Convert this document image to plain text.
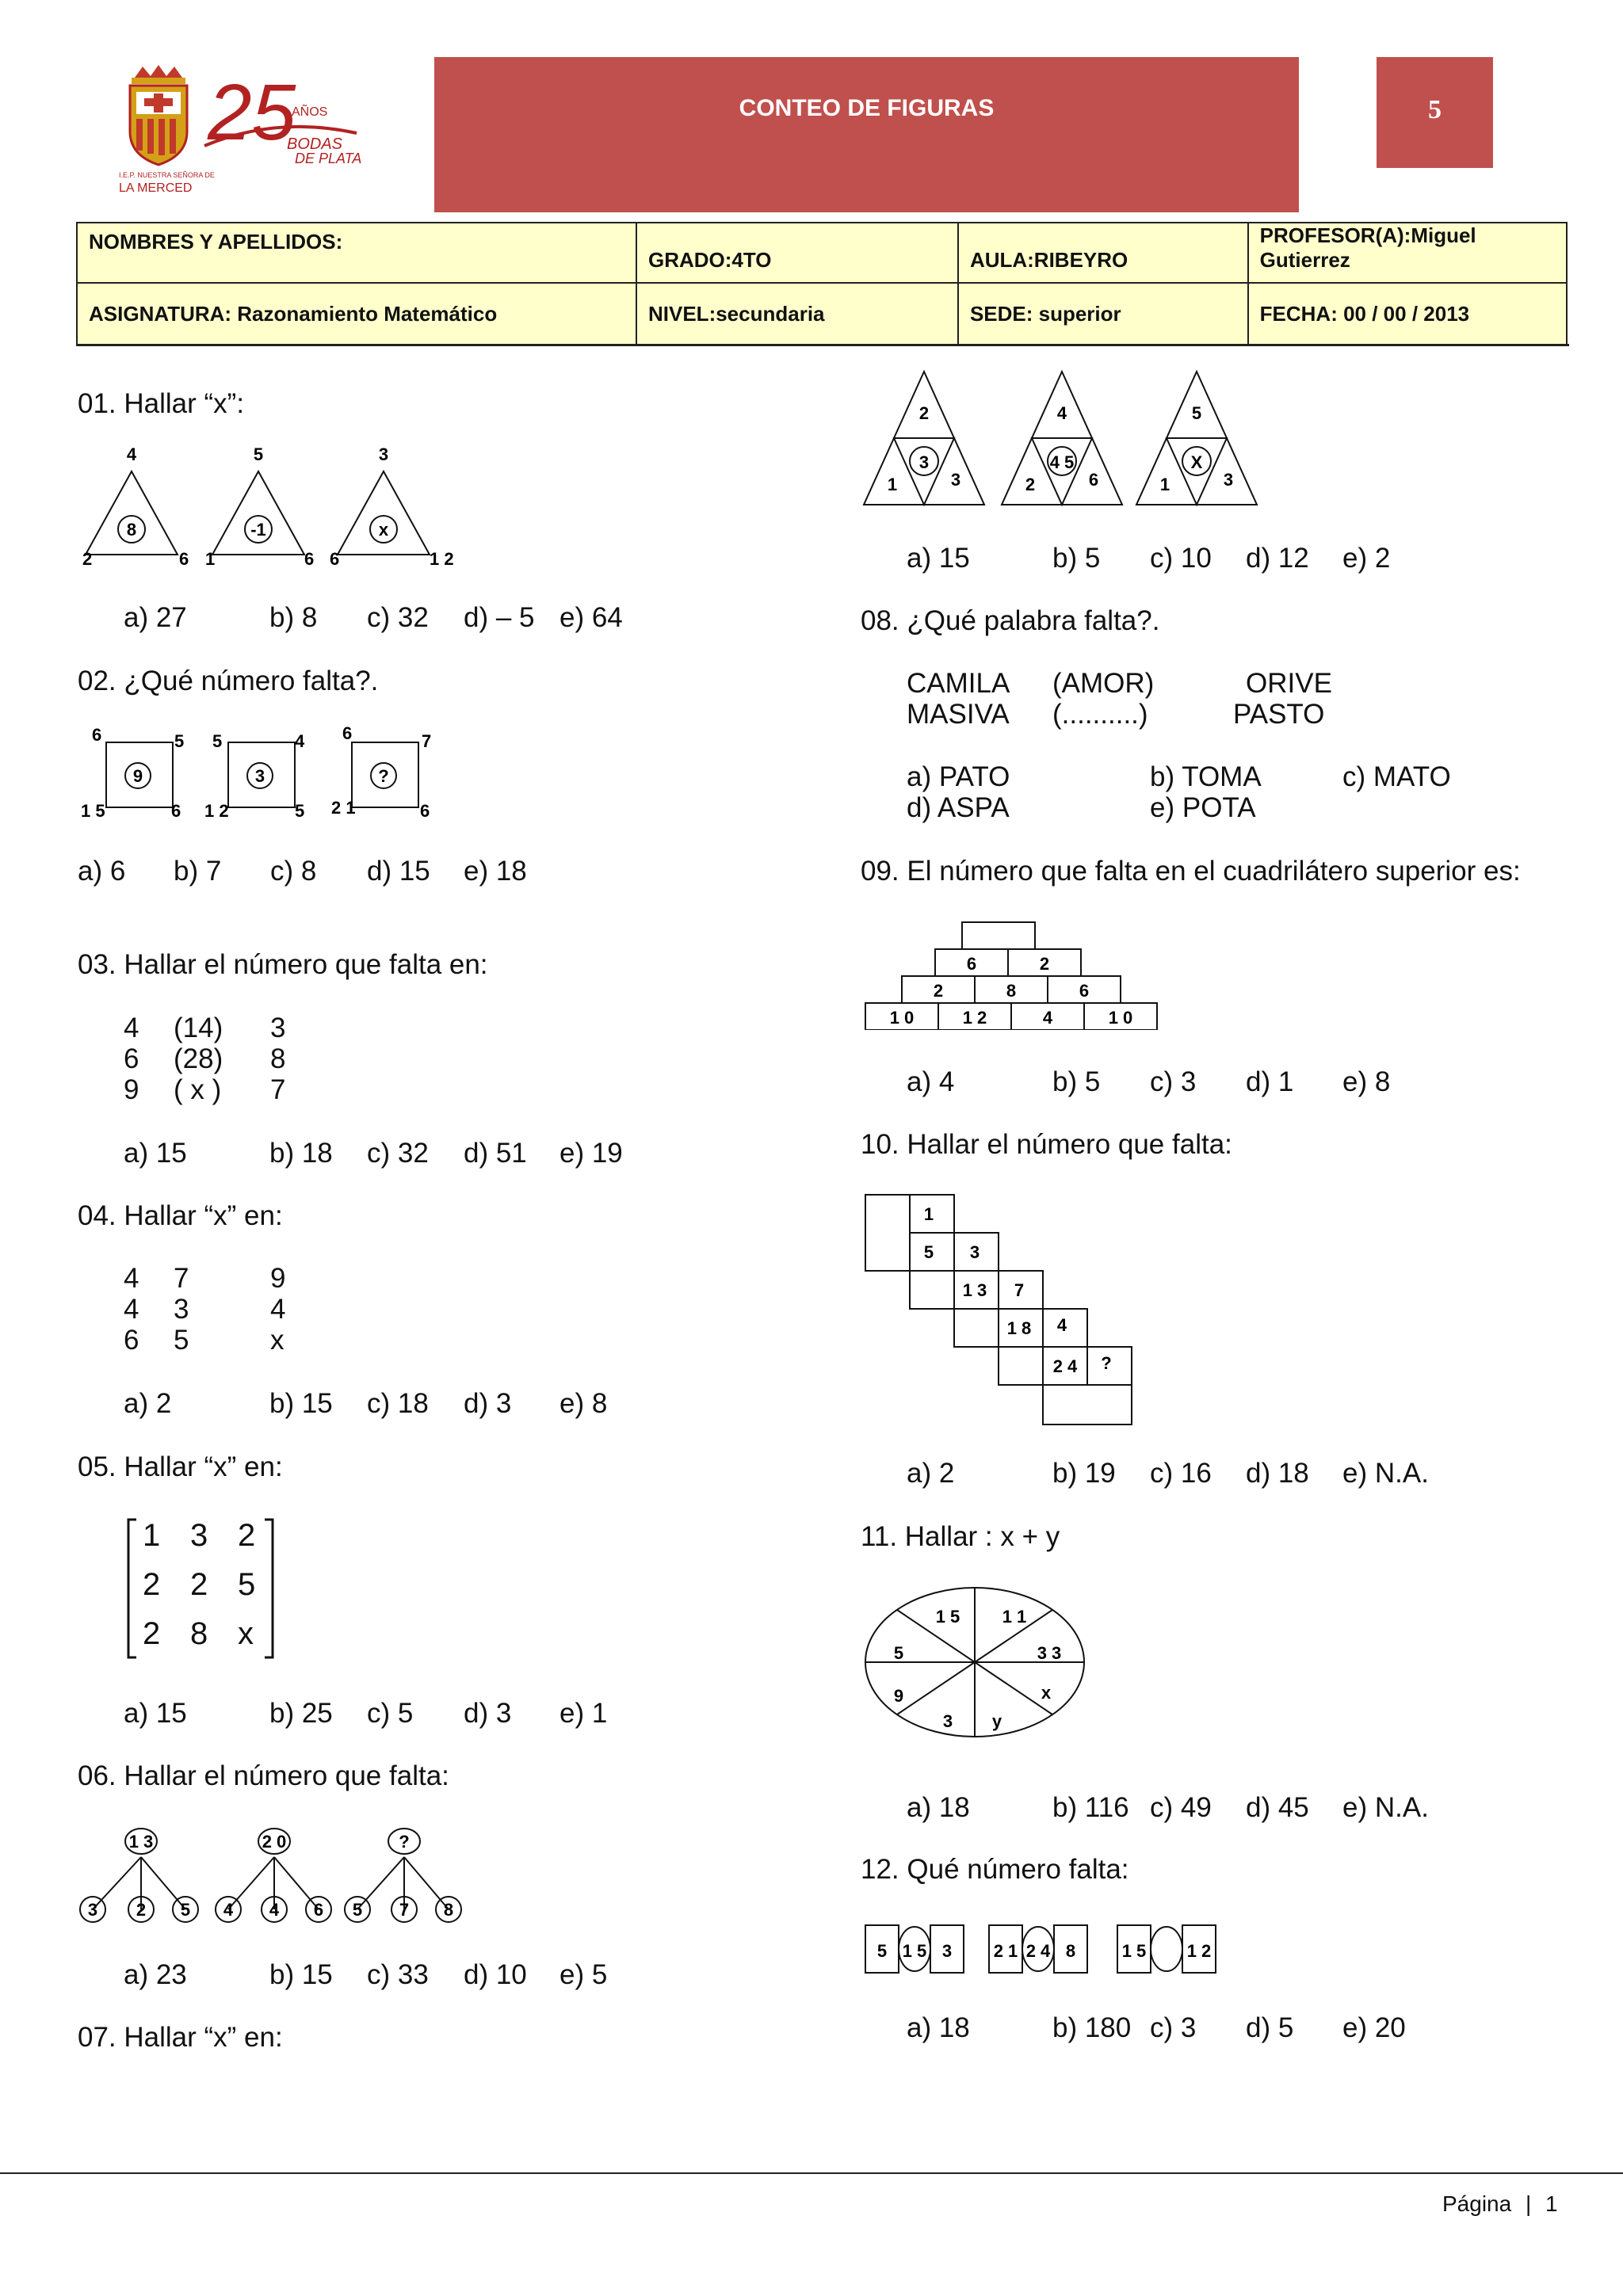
25
AÑOS
BODAS
DE PLATA
I.E.P. NUESTRA SEÑORA DE
LA MERCED
CONTEO DE FIGURAS	5
NOMBRES Y APELLIDOS:	GRADO:4TO	AULA:RIBEYRO	PROFESOR(A):Miguel Gutierrez
ASIGNATURA: Razonamiento Matemático	NIVEL:secundaria	SEDE: superior	FECHA: 00 / 00 / 2013
01. Hallar “x”:
4
8
2	6
5
-1
1	6
3
x
6	1 2
a) 27	b) 8 c) 32 d) – 5 e) 64
02. ¿Qué número falta?.
9
6	5
1 5	6
3
5	4
1 2	5
?
6	7
2 1	6
a) 6 b) 7 c) 8 d) 15 e) 18
03. Hallar el número que falta en:
4 (14) 3
6 (28) 8
9 ( x ) 7
a) 15	b) 18 c) 32 d) 51 e) 19
04. Hallar “x” en:
4 7	9
4 3	4
6 5	x
a) 2	b) 15 c) 18 d) 3 e) 8
05. Hallar “x” en:
1 3 2
2 2 5
2 8 x
a) 15	b) 25 c) 5 d) 3 e) 1
06. Hallar el número que falta:
1 3	2 0	?
3 2 5 4 4 6 5 7 8
a) 23	b) 15 c) 33 d) 10 e) 5
07. Hallar “x” en:
2
3
1	3
4
4 5
2	6
5
X
1	3
a) 15	b) 5 c) 10 d) 12 e) 2
08. ¿Qué palabra falta?.
CAMILA (AMOR)	ORIVE
MASIVA (..........)	PASTO
a) PATO	b) TOMA	c) MATO
d) ASPA	e) POTA
09. El número que falta en el cuadrilátero superior es:
6	2
2	8	6
1 0	1 2	4	1 0
a) 4	b) 5 c) 3 d) 1 e) 8
10. Hallar el número que falta:
1
5 3
1 3 7
1 8 4
2 4 ?
a) 2	b) 19 c) 16 d) 18 e) N.A.
11. Hallar : x + y
1 5 1 1
5	3 3
9	x
3 y
a) 18	b) 116 c) 49 d) 45 e) N.A.
12. Qué número falta:
5 1 5 3 2 1 2 4 8	1 5 1 2
a) 18	b) 180 c) 3 d) 5 e) 20
Página | 1
